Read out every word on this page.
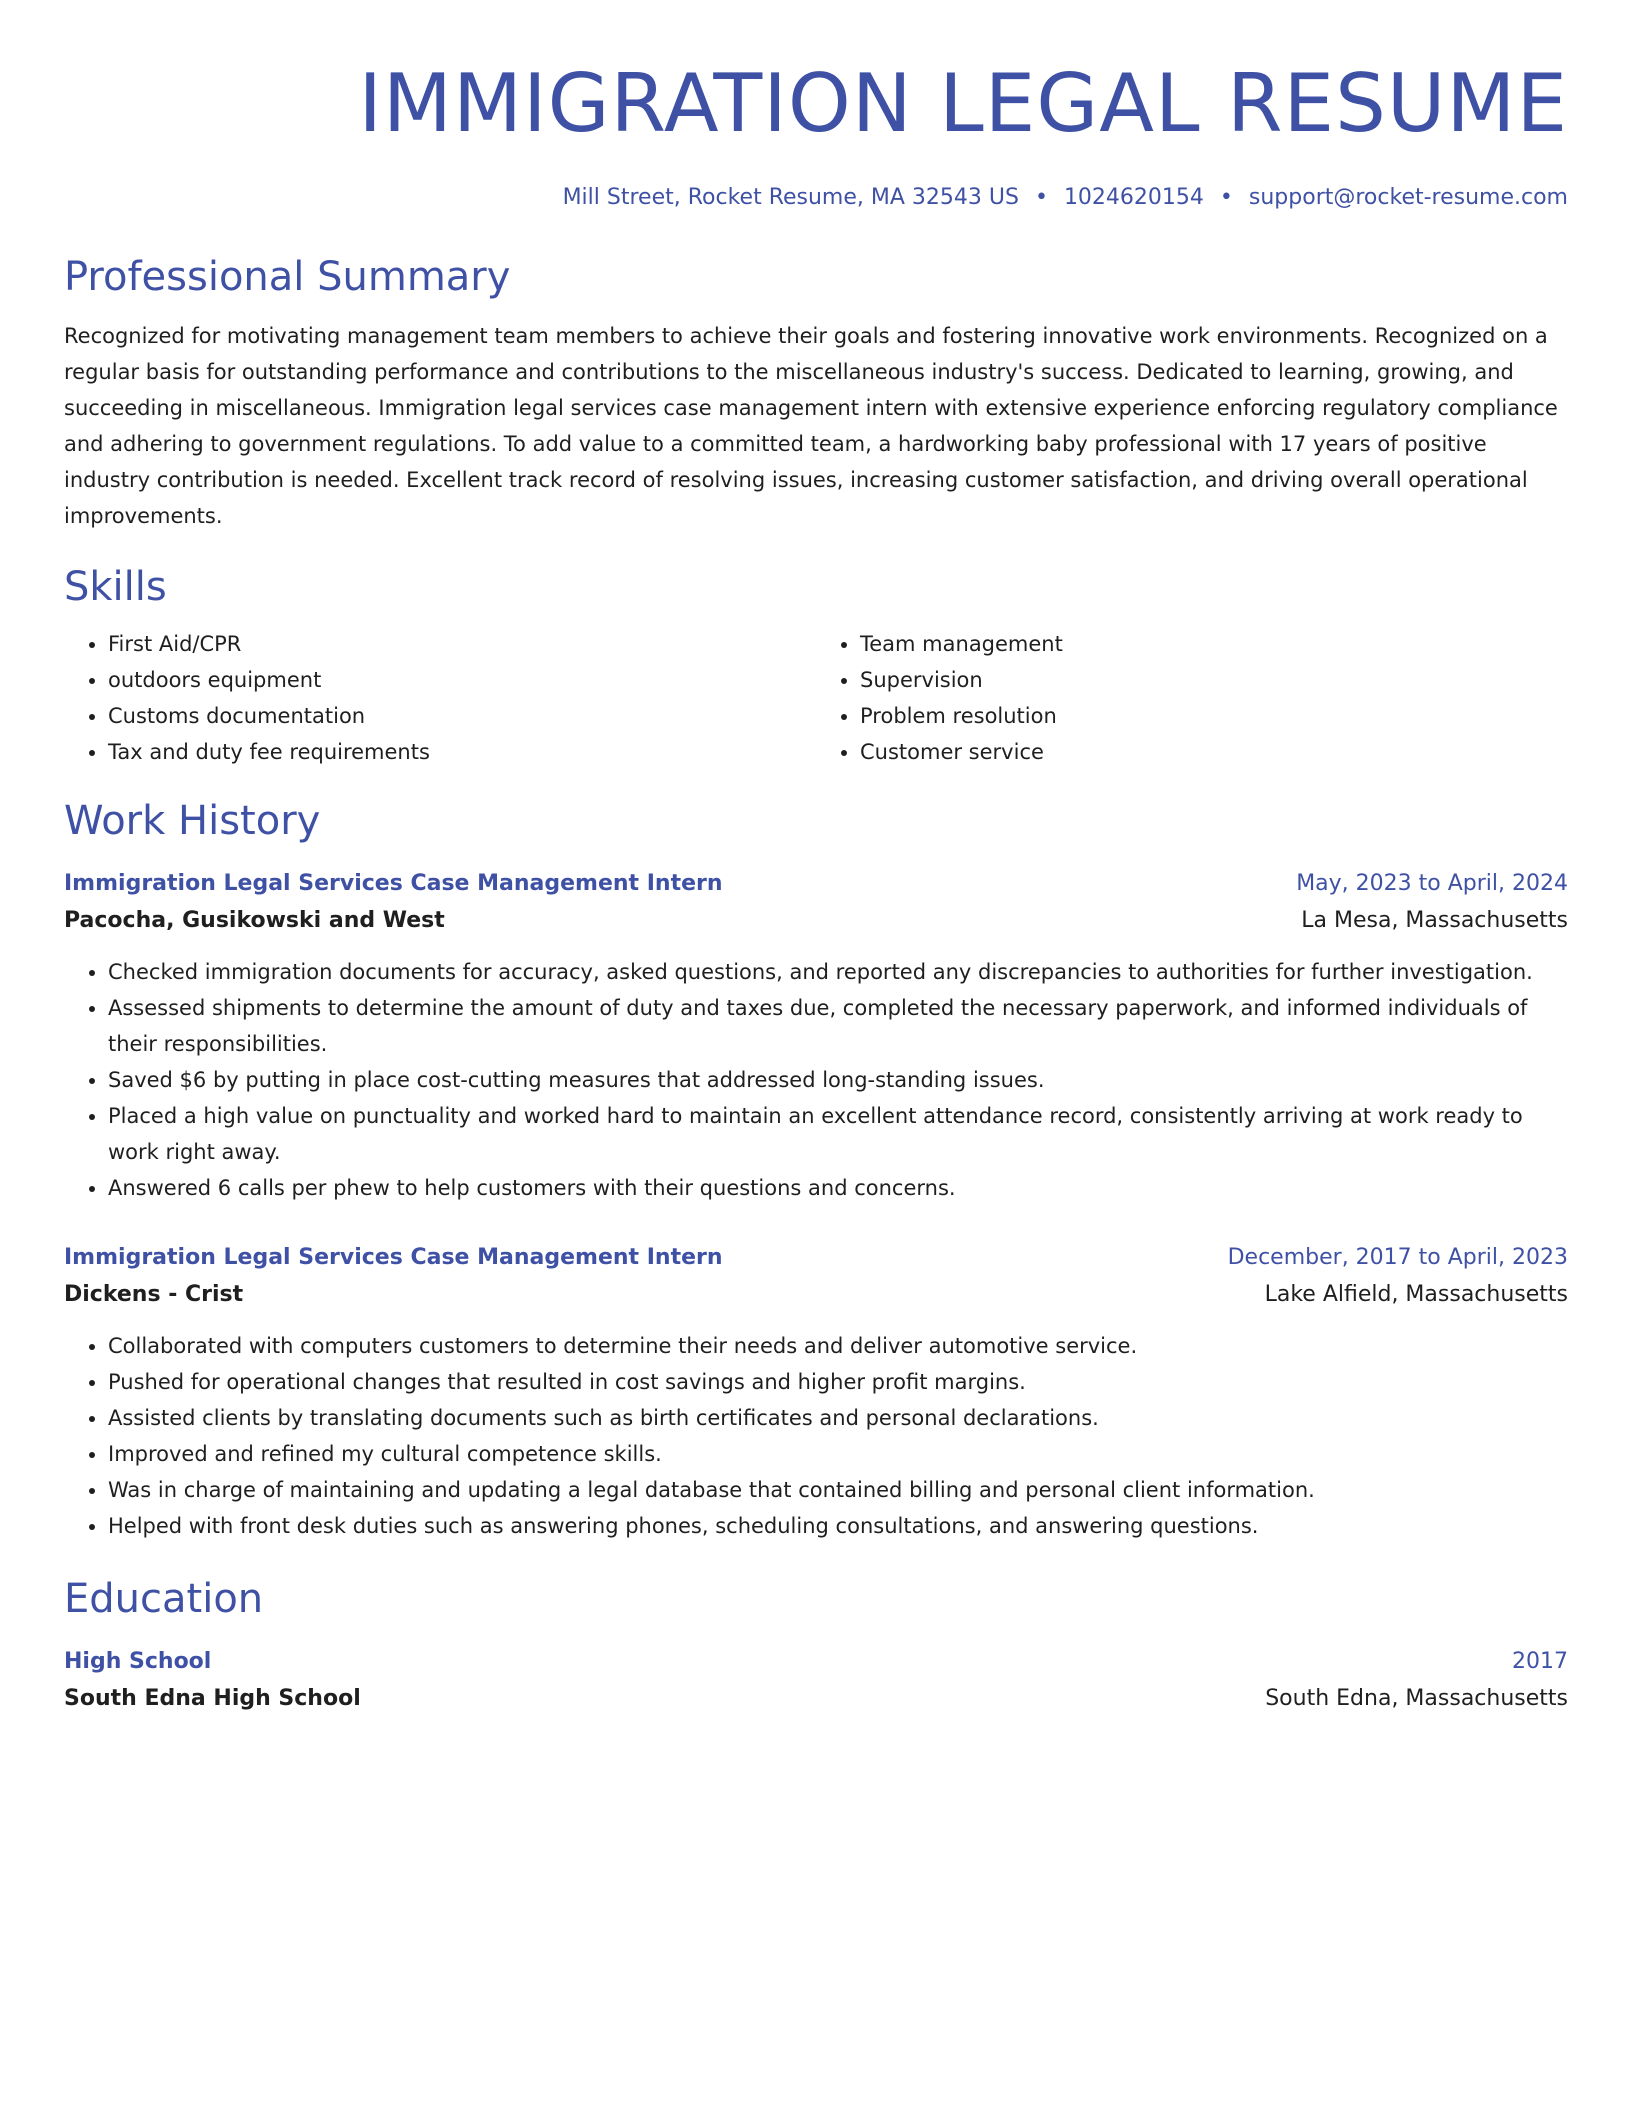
IMMIGRATION LEGAL RESUME
Mill Street, Rocket Resume, MA 32543 US • 1024620154 • support@rocket-resume.com
Professional Summary
Recognized for motivating management team members to achieve their goals and fostering innovative work environments. Recognized on a regular basis for outstanding performance and contributions to the miscellaneous industry's success. Dedicated to learning, growing, and succeeding in miscellaneous. Immigration legal services case management intern with extensive experience enforcing regulatory compliance and adhering to government regulations. To add value to a committed team, a hardworking baby professional with 17 years of positive industry contribution is needed. Excellent track record of resolving issues, increasing customer satisfaction, and driving overall operational improvements.
Skills
• First Aid/CPR
• outdoors equipment
• Customs documentation
• Tax and duty fee requirements
• Team management
• Supervision
• Problem resolution
• Customer service
Work History
Immigration Legal Services Case Management Intern	May, 2023 to April, 2024
Pacocha, Gusikowski and West	La Mesa, Massachusetts
• Checked immigration documents for accuracy, asked questions, and reported any discrepancies to authorities for further investigation.
• Assessed shipments to determine the amount of duty and taxes due, completed the necessary paperwork, and informed individuals of their responsibilities.
• Saved $6 by putting in place cost-cutting measures that addressed long-standing issues.
• Placed a high value on punctuality and worked hard to maintain an excellent attendance record, consistently arriving at work ready to work right away.
• Answered 6 calls per phew to help customers with their questions and concerns.
Immigration Legal Services Case Management Intern	December, 2017 to April, 2023
Dickens - Crist	Lake Alfield, Massachusetts
• Collaborated with computers customers to determine their needs and deliver automotive service.
• Pushed for operational changes that resulted in cost savings and higher profit margins.
• Assisted clients by translating documents such as birth certificates and personal declarations.
• Improved and refined my cultural competence skills.
• Was in charge of maintaining and updating a legal database that contained billing and personal client information.
• Helped with front desk duties such as answering phones, scheduling consultations, and answering questions.
Education
High School	2017
South Edna High School	South Edna, Massachusetts
